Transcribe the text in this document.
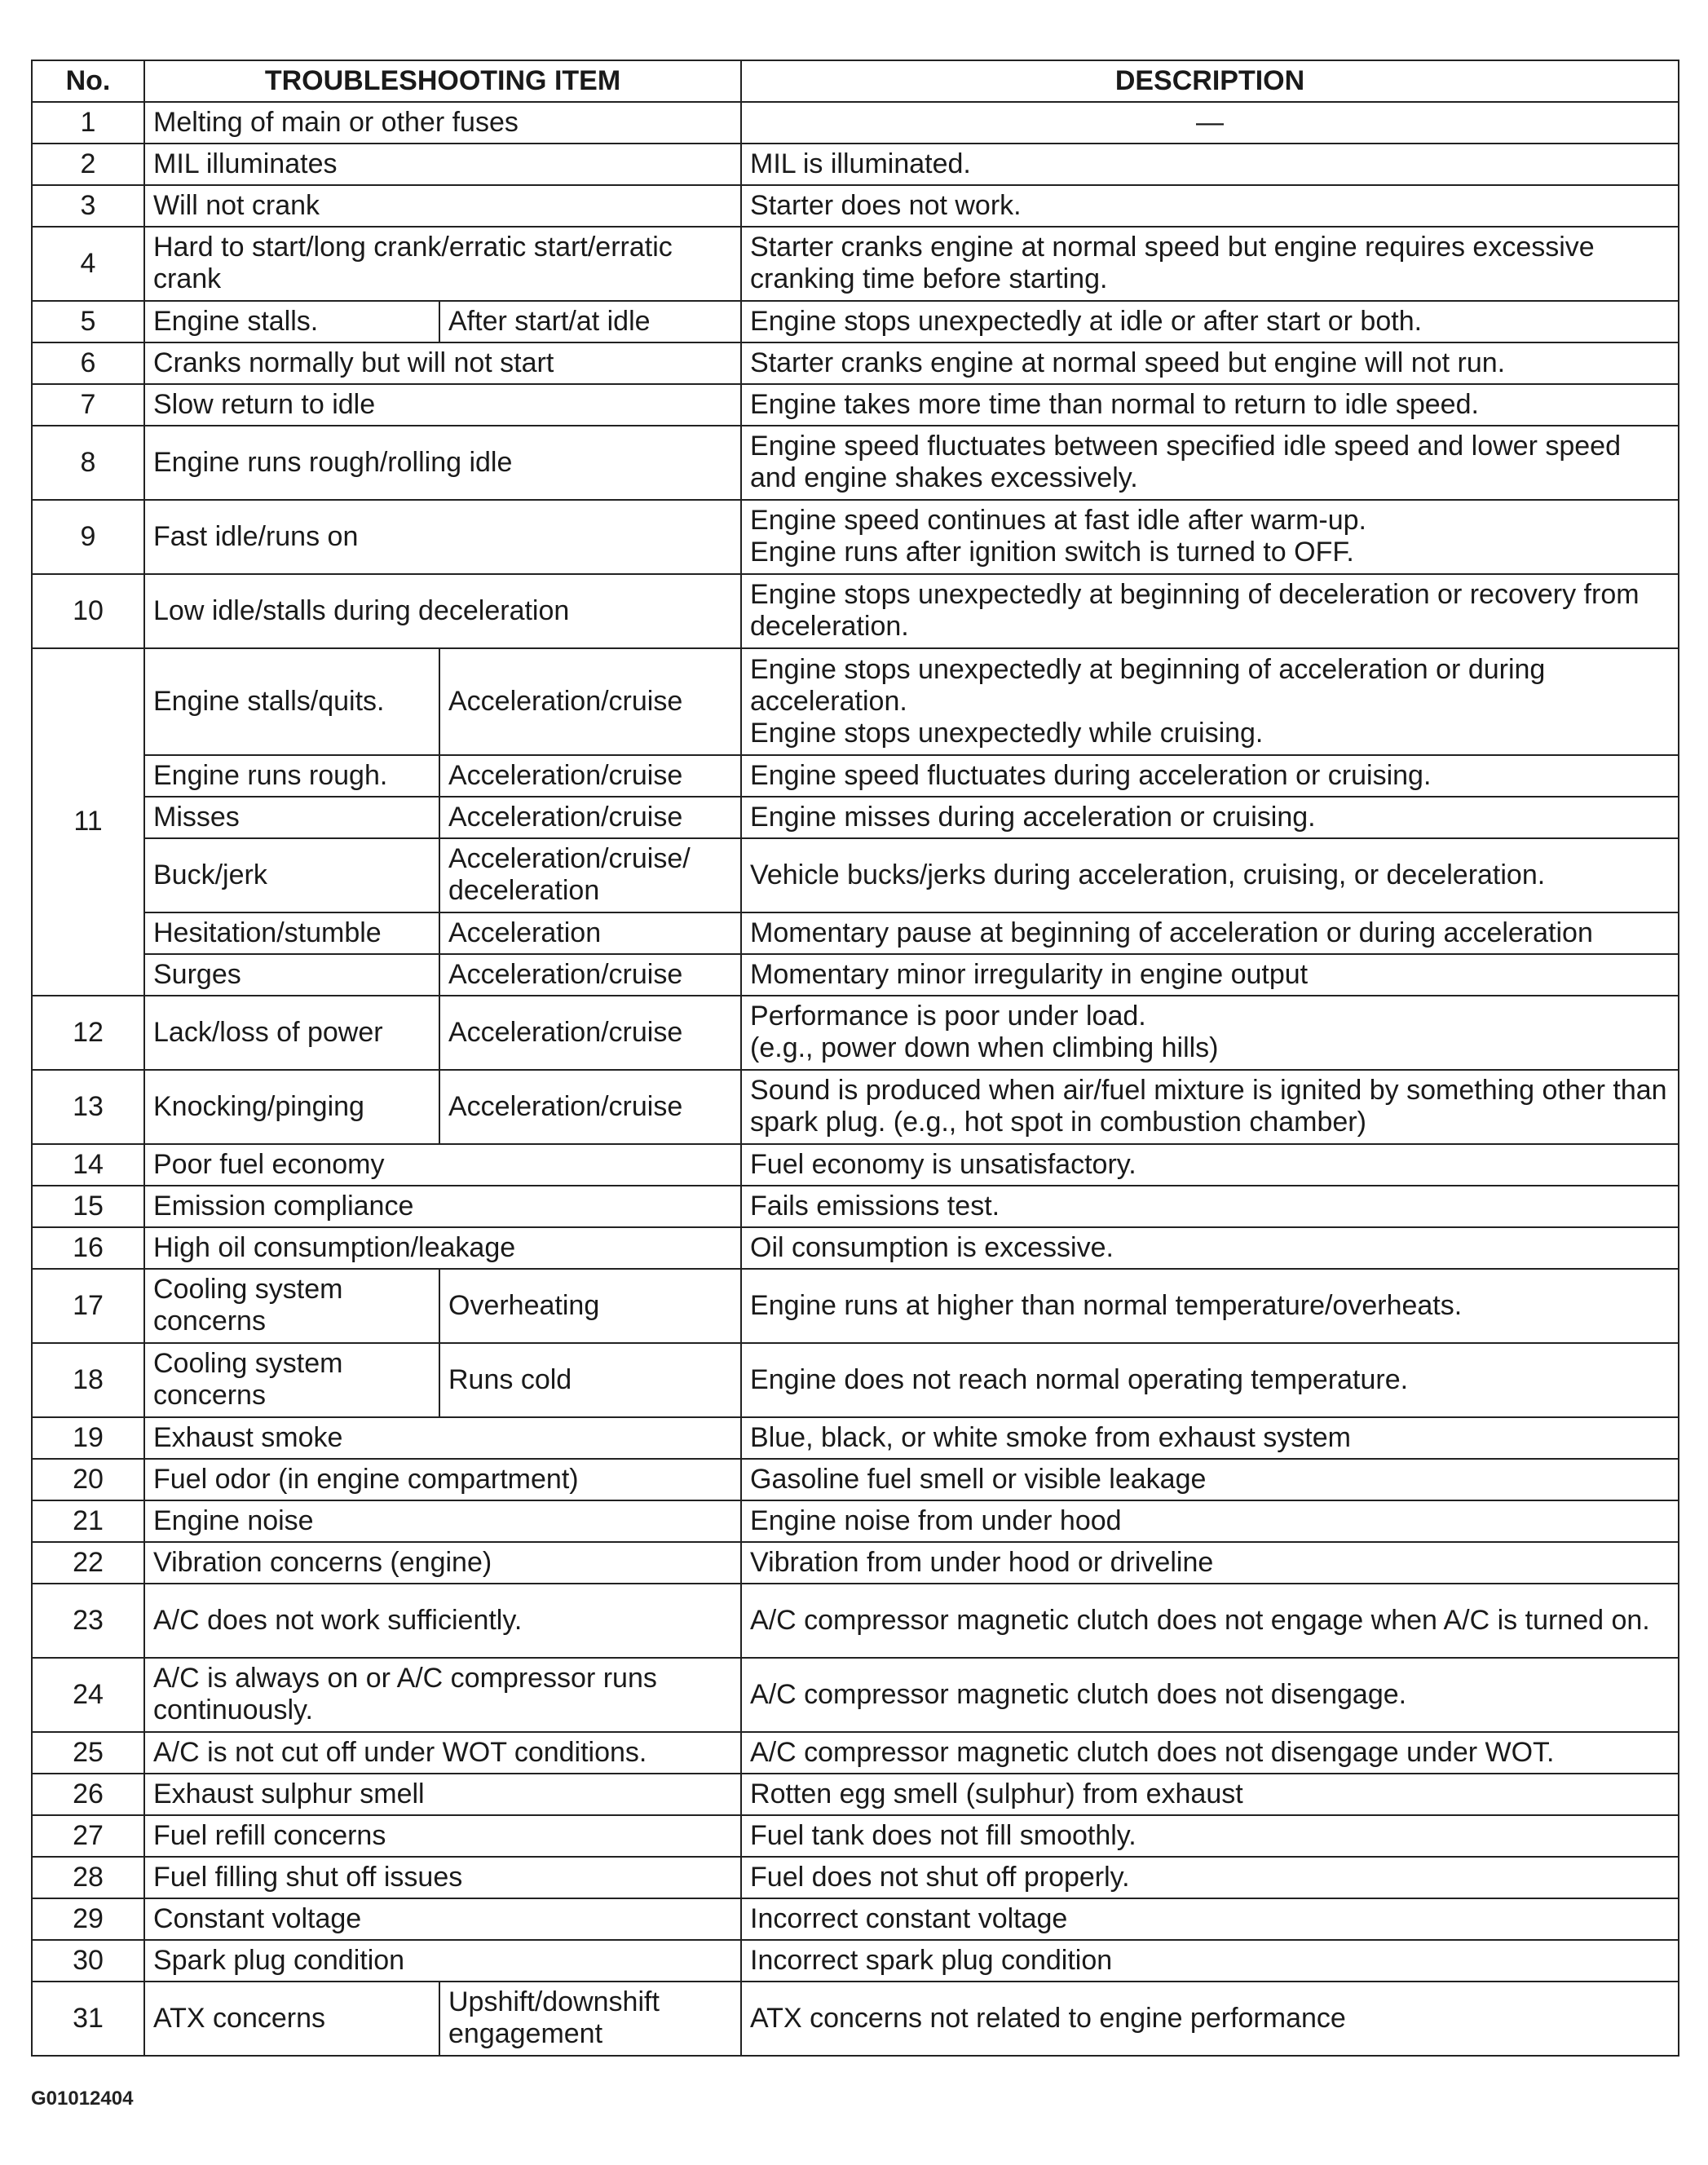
No.	TROUBLESHOOTING ITEM		DESCRIPTION
1	Melting of main or other fuses		—
2	MIL illuminates		MIL is illuminated.
3	Will not crank		Starter does not work.
4	Hard to start/long crank/erratic start/erratic crank		Starter cranks engine at normal speed but engine requires excessive cranking time before starting.
5	Engine stalls.	After start/at idle	Engine stops unexpectedly at idle or after start or both.
6	Cranks normally but will not start		Starter cranks engine at normal speed but engine will not run.
7	Slow return to idle		Engine takes more time than normal to return to idle speed.
8	Engine runs rough/rolling idle		Engine speed fluctuates between specified idle speed and lower speed and engine shakes excessively.
9	Fast idle/runs on		Engine speed continues at fast idle after warm-up.
Engine runs after ignition switch is turned to OFF.
10	Low idle/stalls during deceleration		Engine stops unexpectedly at beginning of deceleration or recovery from deceleration.
11	Engine stalls/quits.	Acceleration/cruise	Engine stops unexpectedly at beginning of acceleration or during acceleration.
Engine stops unexpectedly while cruising.
	Engine runs rough.	Acceleration/cruise	Engine speed fluctuates during acceleration or cruising.
	Misses	Acceleration/cruise	Engine misses during acceleration or cruising.
	Buck/jerk	Acceleration/cruise/ deceleration	Vehicle bucks/jerks during acceleration, cruising, or deceleration.
	Hesitation/stumble	Acceleration	Momentary pause at beginning of acceleration or during acceleration
	Surges	Acceleration/cruise	Momentary minor irregularity in engine output
12	Lack/loss of power	Acceleration/cruise	Performance is poor under load.
(e.g., power down when climbing hills)
13	Knocking/pinging	Acceleration/cruise	Sound is produced when air/fuel mixture is ignited by something other than spark plug. (e.g., hot spot in combustion chamber)
14	Poor fuel economy		Fuel economy is unsatisfactory.
15	Emission compliance		Fails emissions test.
16	High oil consumption/leakage		Oil consumption is excessive.
17	Cooling system concerns	Overheating	Engine runs at higher than normal temperature/overheats.
18	Cooling system concerns	Runs cold	Engine does not reach normal operating temperature.
19	Exhaust smoke		Blue, black, or white smoke from exhaust system
20	Fuel odor (in engine compartment)		Gasoline fuel smell or visible leakage
21	Engine noise		Engine noise from under hood
22	Vibration concerns (engine)		Vibration from under hood or driveline
23	A/C does not work sufficiently.		A/C compressor magnetic clutch does not engage when A/C is turned on.
24	A/C is always on or A/C compressor runs continuously.		A/C compressor magnetic clutch does not disengage.
25	A/C is not cut off under WOT conditions.		A/C compressor magnetic clutch does not disengage under WOT.
26	Exhaust sulphur smell		Rotten egg smell (sulphur) from exhaust
27	Fuel refill concerns		Fuel tank does not fill smoothly.
28	Fuel filling shut off issues		Fuel does not shut off properly.
29	Constant voltage		Incorrect constant voltage
30	Spark plug condition		Incorrect spark plug condition
31	ATX concerns	Upshift/downshift engagement	ATX concerns not related to engine performance
G01012404
